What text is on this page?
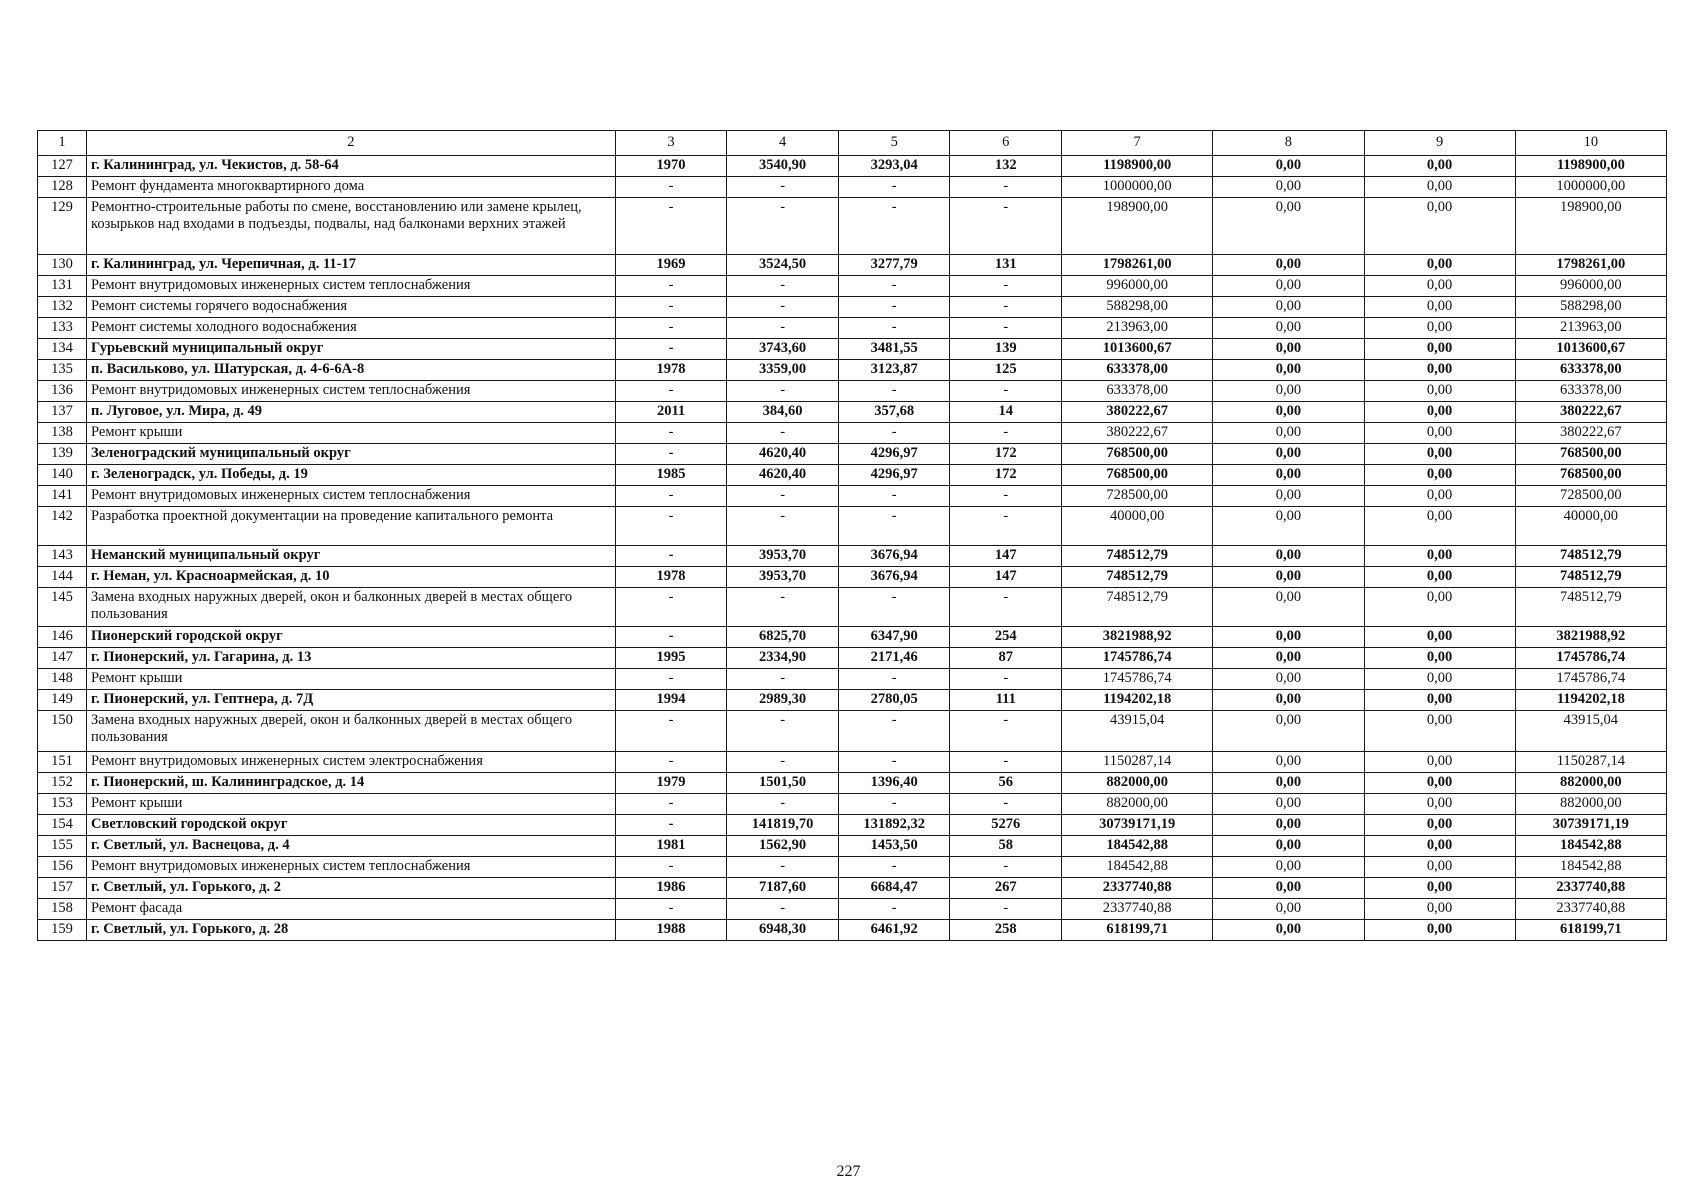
1	2	3	4	5	6	7	8	9	10
127	г. Калининград, ул. Чекистов, д. 58-64	1970	3540,90	3293,04	132	1198900,00	0,00	0,00	1198900,00
128	Ремонт фундамента многоквартирного дома	-	-	-	-	1000000,00	0,00	0,00	1000000,00
129	Ремонтно-строительные работы по смене, восстановлению или замене крылец, козырьков над входами в подъезды, подвалы, над балконами верхних этажей	-	-	-	-	198900,00	0,00	0,00	198900,00
130	г. Калининград, ул. Черепичная, д. 11-17	1969	3524,50	3277,79	131	1798261,00	0,00	0,00	1798261,00
131	Ремонт внутридомовых инженерных систем теплоснабжения	-	-	-	-	996000,00	0,00	0,00	996000,00
132	Ремонт системы горячего водоснабжения	-	-	-	-	588298,00	0,00	0,00	588298,00
133	Ремонт системы холодного водоснабжения	-	-	-	-	213963,00	0,00	0,00	213963,00
134	Гурьевский муниципальный округ	-	3743,60	3481,55	139	1013600,67	0,00	0,00	1013600,67
135	п. Васильково, ул. Шатурская, д. 4-6-6А-8	1978	3359,00	3123,87	125	633378,00	0,00	0,00	633378,00
136	Ремонт внутридомовых инженерных систем теплоснабжения	-	-	-	-	633378,00	0,00	0,00	633378,00
137	п. Луговое, ул. Мира, д. 49	2011	384,60	357,68	14	380222,67	0,00	0,00	380222,67
138	Ремонт крыши	-	-	-	-	380222,67	0,00	0,00	380222,67
139	Зеленоградский муниципальный округ	-	4620,40	4296,97	172	768500,00	0,00	0,00	768500,00
140	г. Зеленоградск, ул. Победы, д. 19	1985	4620,40	4296,97	172	768500,00	0,00	0,00	768500,00
141	Ремонт внутридомовых инженерных систем теплоснабжения	-	-	-	-	728500,00	0,00	0,00	728500,00
142	Разработка проектной документации на проведение капитального ремонта	-	-	-	-	40000,00	0,00	0,00	40000,00
143	Неманский муниципальный округ	-	3953,70	3676,94	147	748512,79	0,00	0,00	748512,79
144	г. Неман, ул. Красноармейская, д. 10	1978	3953,70	3676,94	147	748512,79	0,00	0,00	748512,79
145	Замена входных наружных дверей, окон и балконных дверей в местах общего пользования	-	-	-	-	748512,79	0,00	0,00	748512,79
146	Пионерский городской округ	-	6825,70	6347,90	254	3821988,92	0,00	0,00	3821988,92
147	г. Пионерский, ул. Гагарина, д. 13	1995	2334,90	2171,46	87	1745786,74	0,00	0,00	1745786,74
148	Ремонт крыши	-	-	-	-	1745786,74	0,00	0,00	1745786,74
149	г. Пионерский, ул. Гептнера, д. 7Д	1994	2989,30	2780,05	111	1194202,18	0,00	0,00	1194202,18
150	Замена входных наружных дверей, окон и балконных дверей в местах общего пользования	-	-	-	-	43915,04	0,00	0,00	43915,04
151	Ремонт внутридомовых инженерных систем электроснабжения	-	-	-	-	1150287,14	0,00	0,00	1150287,14
152	г. Пионерский, ш. Калининградское, д. 14	1979	1501,50	1396,40	56	882000,00	0,00	0,00	882000,00
153	Ремонт крыши	-	-	-	-	882000,00	0,00	0,00	882000,00
154	Светловский городской округ	-	141819,70	131892,32	5276	30739171,19	0,00	0,00	30739171,19
155	г. Светлый, ул. Васнецова, д. 4	1981	1562,90	1453,50	58	184542,88	0,00	0,00	184542,88
156	Ремонт внутридомовых инженерных систем теплоснабжения	-	-	-	-	184542,88	0,00	0,00	184542,88
157	г. Светлый, ул. Горького, д. 2	1986	7187,60	6684,47	267	2337740,88	0,00	0,00	2337740,88
158	Ремонт фасада	-	-	-	-	2337740,88	0,00	0,00	2337740,88
159	г. Светлый, ул. Горького, д. 28	1988	6948,30	6461,92	258	618199,71	0,00	0,00	618199,71
227
